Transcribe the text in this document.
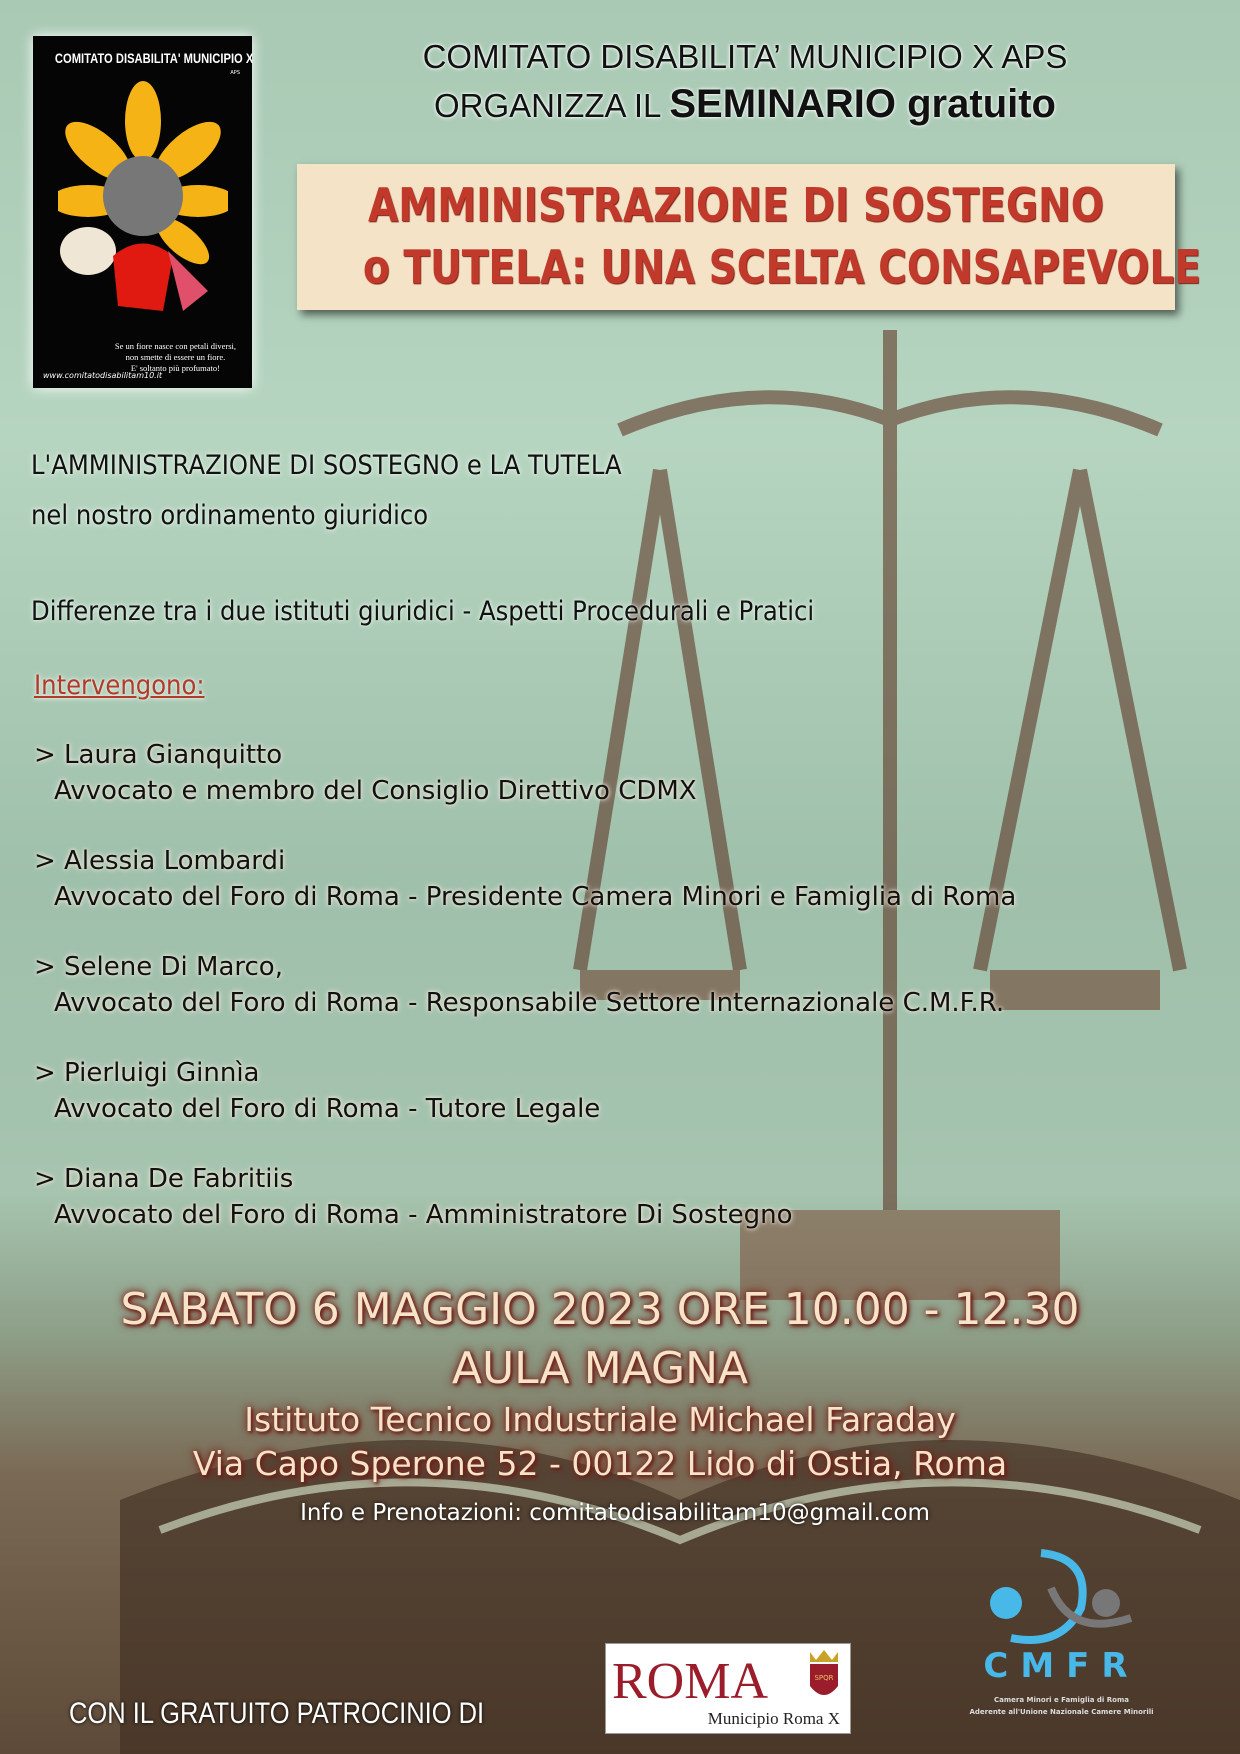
COMITATO DISABILITA' MUNICIPIO X
APS
Se un fiore nasce con petali diversi,
non smette di essere un fiore.
E' soltanto più profumato!
www.comitatodisabilitam10.it
COMITATO DISABILITA’ MUNICIPIO X APS
ORGANIZZA IL SEMINARIO gratuito
AMMINISTRAZIONE DI SOSTEGNO
o TUTELA: UNA SCELTA CONSAPEVOLE
L'AMMINISTRAZIONE DI SOSTEGNO e LA TUTELA
nel nostro ordinamento giuridico
Differenze tra i due istituti giuridici - Aspetti Procedurali e Pratici
Intervengono:
> Laura Gianquitto
Avvocato e membro del Consiglio Direttivo CDMX
> Alessia Lombardi
Avvocato del Foro di Roma - Presidente Camera Minori e Famiglia di Roma
> Selene Di Marco,
Avvocato del Foro di Roma - Responsabile Settore Internazionale C.M.F.R.
> Pierluigi Ginnìa
Avvocato del Foro di Roma - Tutore Legale
> Diana De Fabritiis
Avvocato del Foro di Roma - Amministratore Di Sostegno
SABATO 6 MAGGIO 2023 ORE 10.00 - 12.30
AULA MAGNA
Istituto Tecnico Industriale Michael Faraday
Via Capo Sperone 52 - 00122 Lido di Ostia, Roma
Info e Prenotazioni: comitatodisabilitam10@gmail.com
CON IL GRATUITO PATROCINIO DI
ROMA	SPQR
Municipio Roma X
CMFR
Camera Minori e Famiglia di Roma
Aderente all'Unione Nazionale Camere Minorili
